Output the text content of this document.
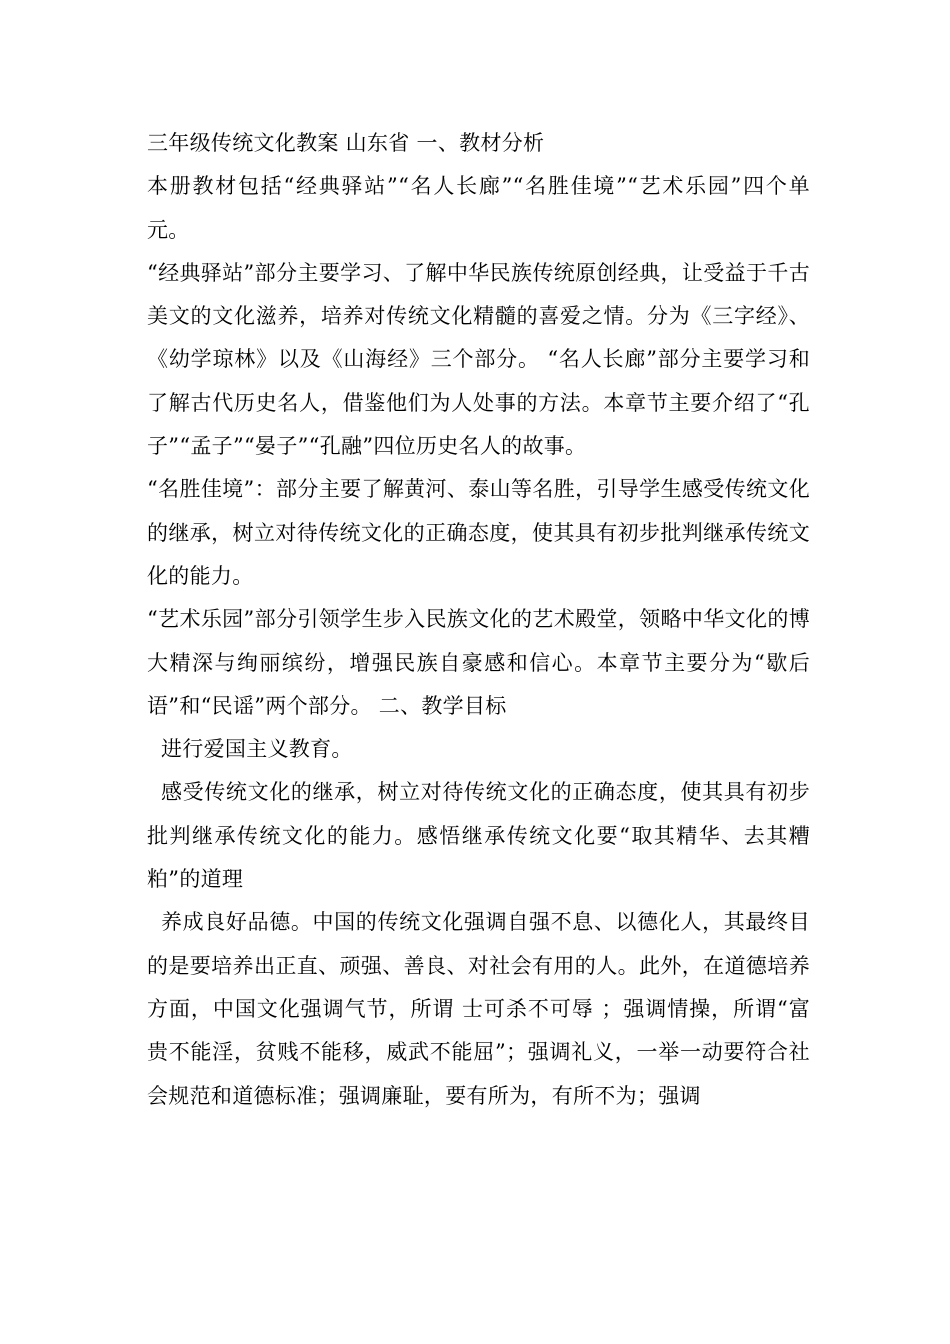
三年级传统文化教案 山东省 一、教材分析

本册教材包括“经典驿站”“名人长廊”“名胜佳境”“艺术乐园”四个单元。

“经典驿站”部分主要学习、了解中华民族传统原创经典，让受益于千古美文的文化滋养，培养对传统文化精髓的喜爱之情。分为《三字经》、《幼学琼林》以及《山海经》三个部分。 “名人长廊”部分主要学习和了解古代历史名人，借鉴他们为人处事的方法。本章节主要介绍了“孔子”“孟子”“晏子”“孔融”四位历史名人的故事。

“名胜佳境”：部分主要了解黄河、泰山等名胜，引导学生感受传统文化的继承，树立对待传统文化的正确态度，使其具有初步批判继承传统文化的能力。

“艺术乐园”部分引领学生步入民族文化的艺术殿堂，领略中华文化的博大精深与绚丽缤纷，增强民族自豪感和信心。本章节主要分为“歇后语”和“民谣”两个部分。 二、教学目标

进行爱国主义教育。

感受传统文化的继承，树立对待传统文化的正确态度，使其具有初步批判继承传统文化的能力。感悟继承传统文化要“取其精华、去其糟粕”的道理

养成良好品德。中国的传统文化强调自强不息、以德化人，其最终目的是要培养出正直、顽强、善良、对社会有用的人。此外，在道德培养方面，中国文化强调气节，所谓 士可杀不可辱 ；强调情操，所谓“富贵不能淫，贫贱不能移，威武不能屈”；强调礼义，一举一动要符合社会规范和道德标准；强调廉耻，要有所为，有所不为；强调
